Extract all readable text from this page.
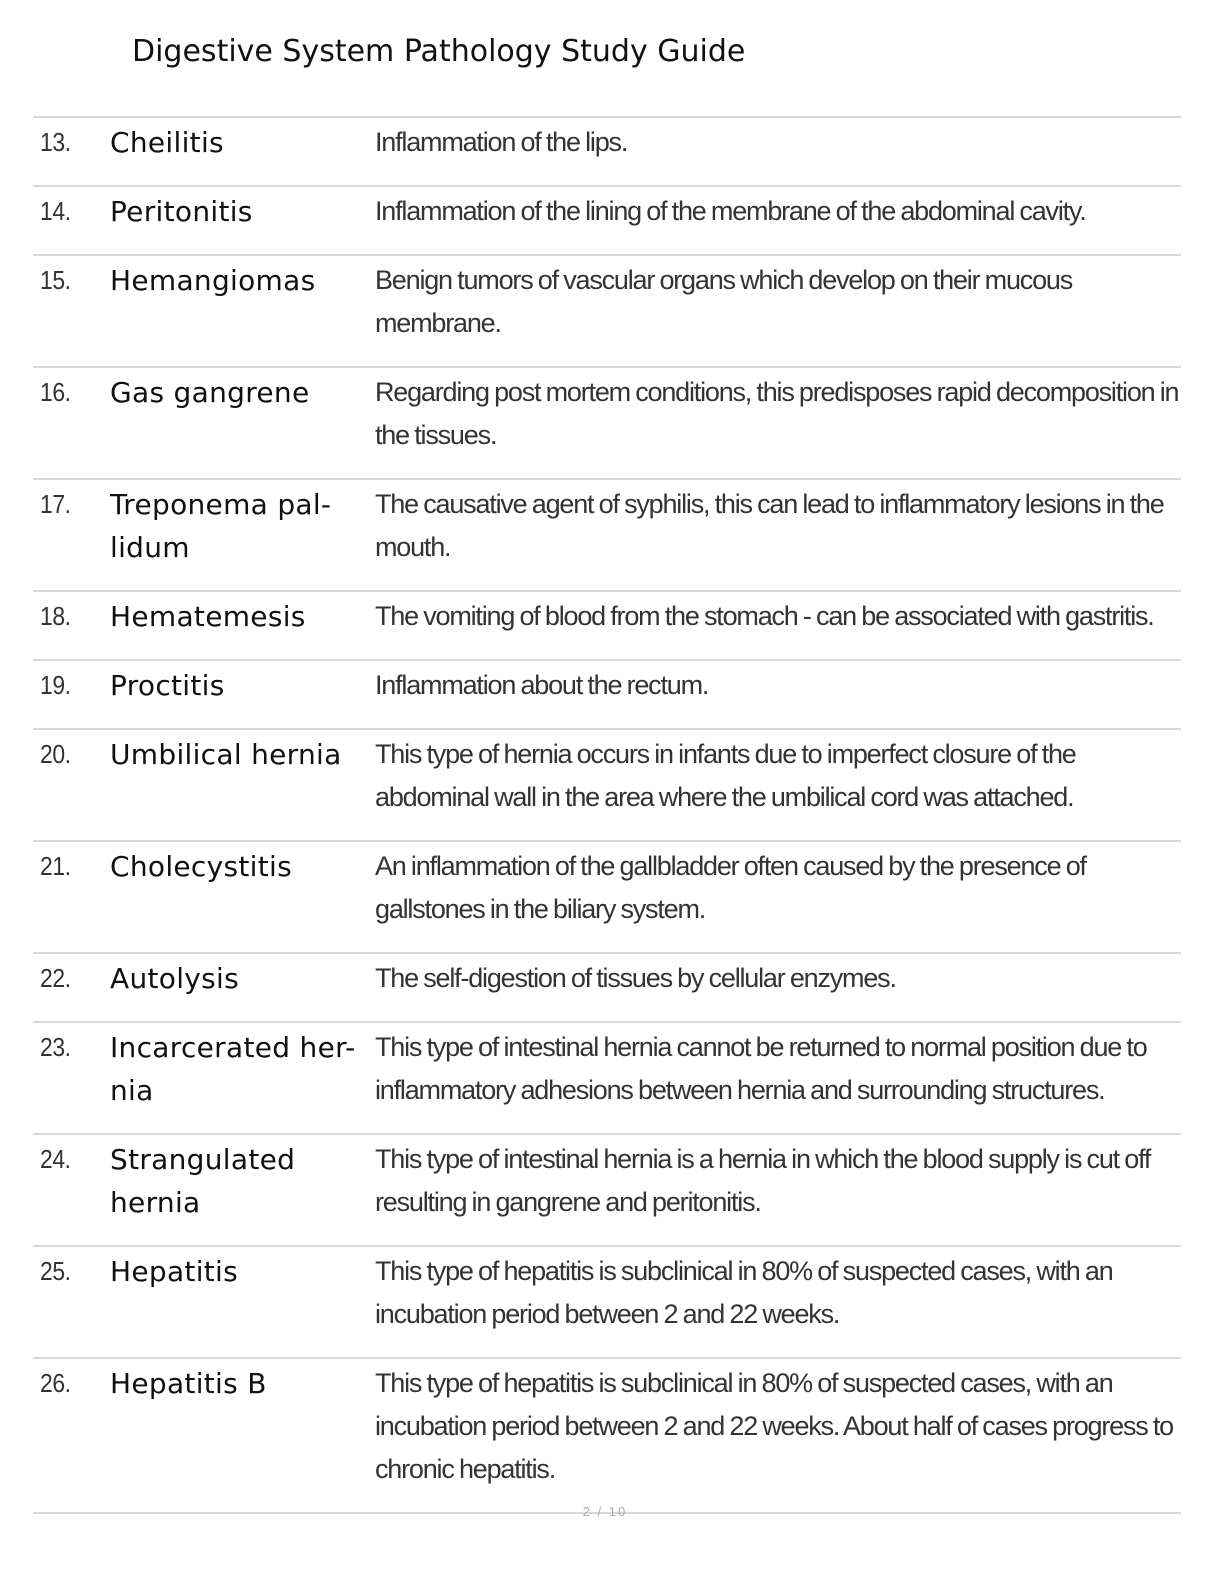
Digestive System Pathology Study Guide
13.	Cheilitis	Inflammation of the lips.
14.	Peritonitis	Inflammation of the lining of the membrane of the abdominal cavity.
15.	Hemangiomas	Benign tumors of vascular organs which develop on their mucous membrane.
16.	Gas gangrene	Regarding post mortem conditions, this predisposes rapid decomposition in the tissues.
17.	Treponema pal-lidum	The causative agent of syphilis, this can lead to inflammatory lesions in the mouth.
18.	Hematemesis	The vomiting of blood from the stomach - can be associated with gastritis.
19.	Proctitis	Inflammation about the rectum.
20.	Umbilical hernia	This type of hernia occurs in infants due to imperfect closure of the abdominal wall in the area where the umbilical cord was attached.
21.	Cholecystitis	An inflammation of the gallbladder often caused by the presence of gallstones in the biliary system.
22.	Autolysis	The self-digestion of tissues by cellular enzymes.
23.	Incarcerated her-nia	This type of intestinal hernia cannot be returned to normal position due to inflammatory adhesions between hernia and surrounding structures.
24.	Strangulated hernia	This type of intestinal hernia is a hernia in which the blood supply is cut off resulting in gangrene and peritonitis.
25.	Hepatitis	This type of hepatitis is subclinical in 80% of suspected cases, with an incubation period between 2 and 22 weeks.
26.	Hepatitis B	This type of hepatitis is subclinical in 80% of suspected cases, with an incubation period between 2 and 22 weeks. About half of cases progress to chronic hepatitis.
2 / 10
